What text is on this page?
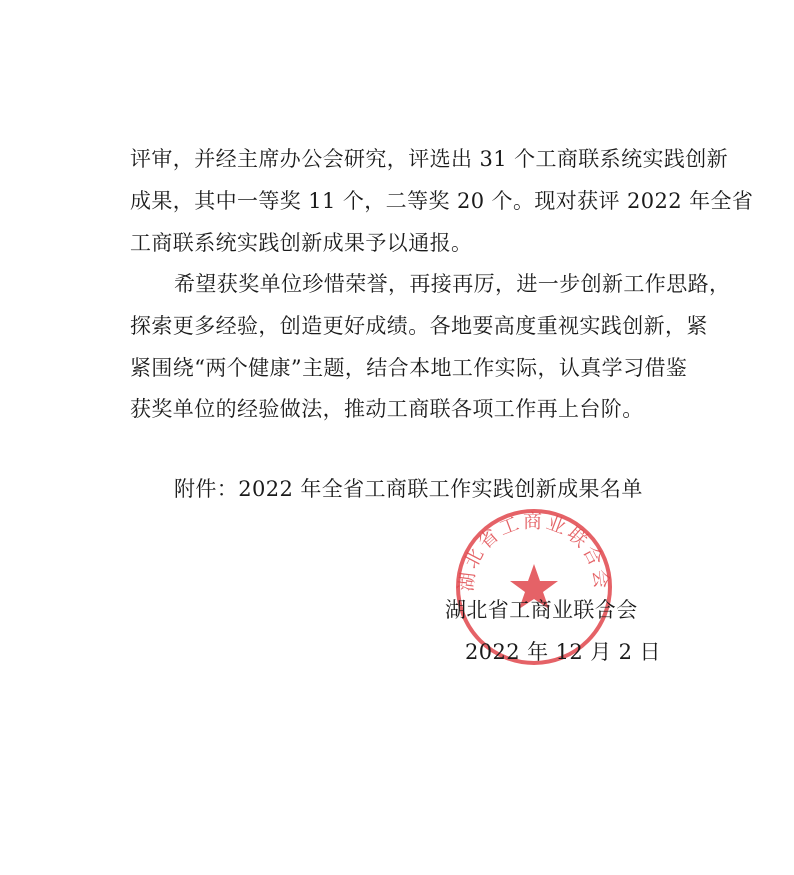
评审，并经主席办公会研究，评选出 31 个工商联系统实践创新
成果，其中一等奖 11 个，二等奖 20 个。现对获评 2022 年全省
工商联系统实践创新成果予以通报。
希望获奖单位珍惜荣誉，再接再厉，进一步创新工作思路，
探索更多经验，创造更好成绩。各地要高度重视实践创新，紧
紧围绕“两个健康”主题，结合本地工作实际，认真学习借鉴
获奖单位的经验做法，推动工商联各项工作再上台阶。
附件：2022 年全省工商联工作实践创新成果名单
湖北省工商业联合会
湖北省工商业联合会
2022 年 12 月 2 日
